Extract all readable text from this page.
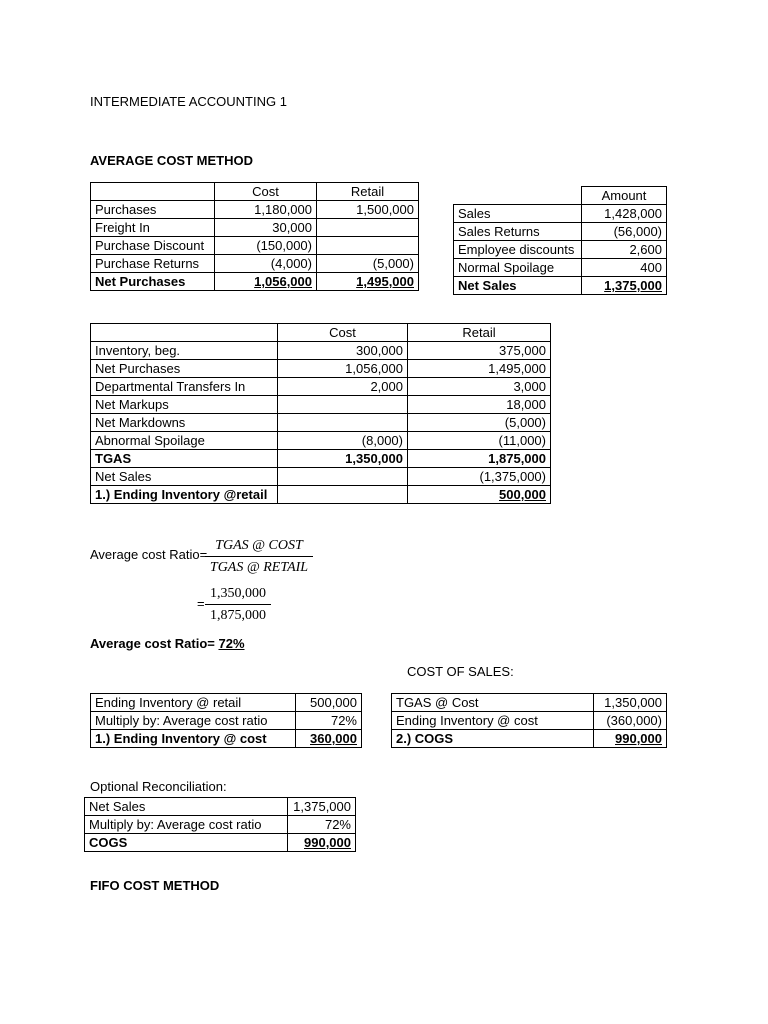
INTERMEDIATE ACCOUNTING 1
AVERAGE COST METHOD
	Cost	Retail
Purchases	1,180,000	1,500,000
Freight In	30,000	
Purchase Discount	(150,000)	
Purchase Returns	(4,000)	(5,000)
Net Purchases	1,056,000	1,495,000
	Amount
Sales	1,428,000
Sales Returns	(56,000)
Employee discounts	2,600
Normal Spoilage	400
Net Sales	1,375,000
	Cost	Retail
Inventory, beg.	300,000	375,000
Net Purchases	1,056,000	1,495,000
Departmental Transfers In	2,000	3,000
Net Markups		18,000
Net Markdowns		(5,000)
Abnormal Spoilage	(8,000)	(11,000)
TGAS	1,350,000	1,875,000
Net Sales		(1,375,000)
1.) Ending Inventory @retail		500,000
Average cost Ratio=
TGAS @ COST
TGAS @ RETAIL
= $\frac{1,350,000}{1,875,000}$
Average cost Ratio= 72%
COST OF SALES:
Ending Inventory @ retail	500,000
Multiply by: Average cost ratio	72%
1.) Ending Inventory @ cost	360,000
TGAS @ Cost	1,350,000
Ending Inventory @ cost	(360,000)
2.) COGS	990,000
Optional Reconciliation:
Net Sales	1,375,000
Multiply by: Average cost ratio	72%
COGS	990,000
FIFO COST METHOD
